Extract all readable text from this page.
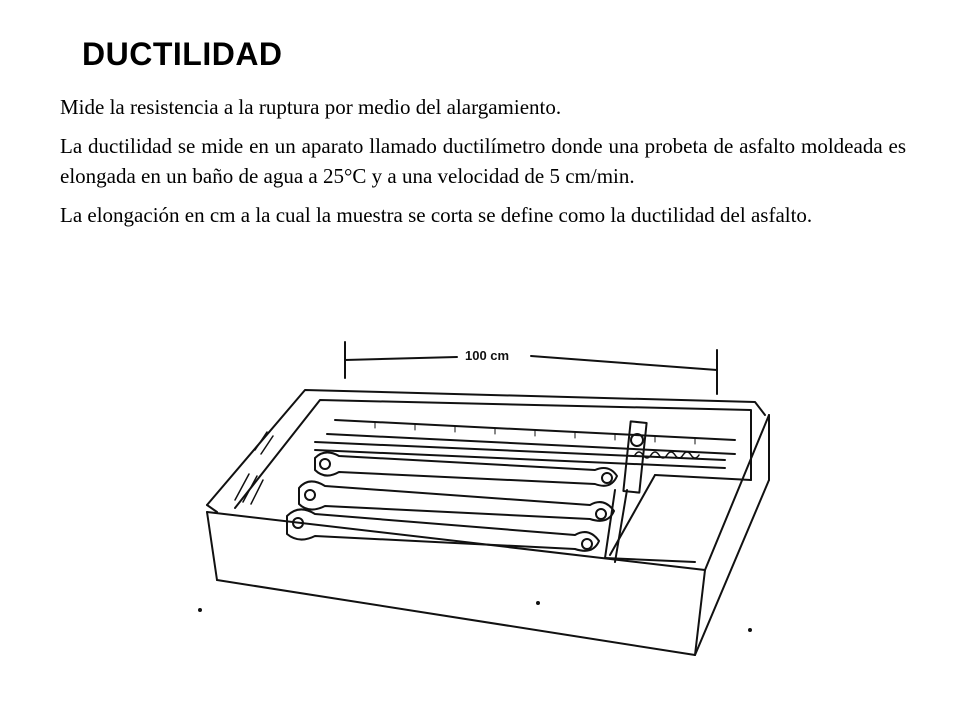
DUCTILIDAD

Mide la resistencia a la ruptura por medio del alargamiento.

La ductilidad se mide en un aparato llamado ductilímetro donde una probeta de asfalto moldeada es elongada en un baño de agua a 25°C y a una velocidad de 5 cm/min.

La elongación en cm a la cual la muestra se corta se define como la ductilidad del asfalto.

100 cm
